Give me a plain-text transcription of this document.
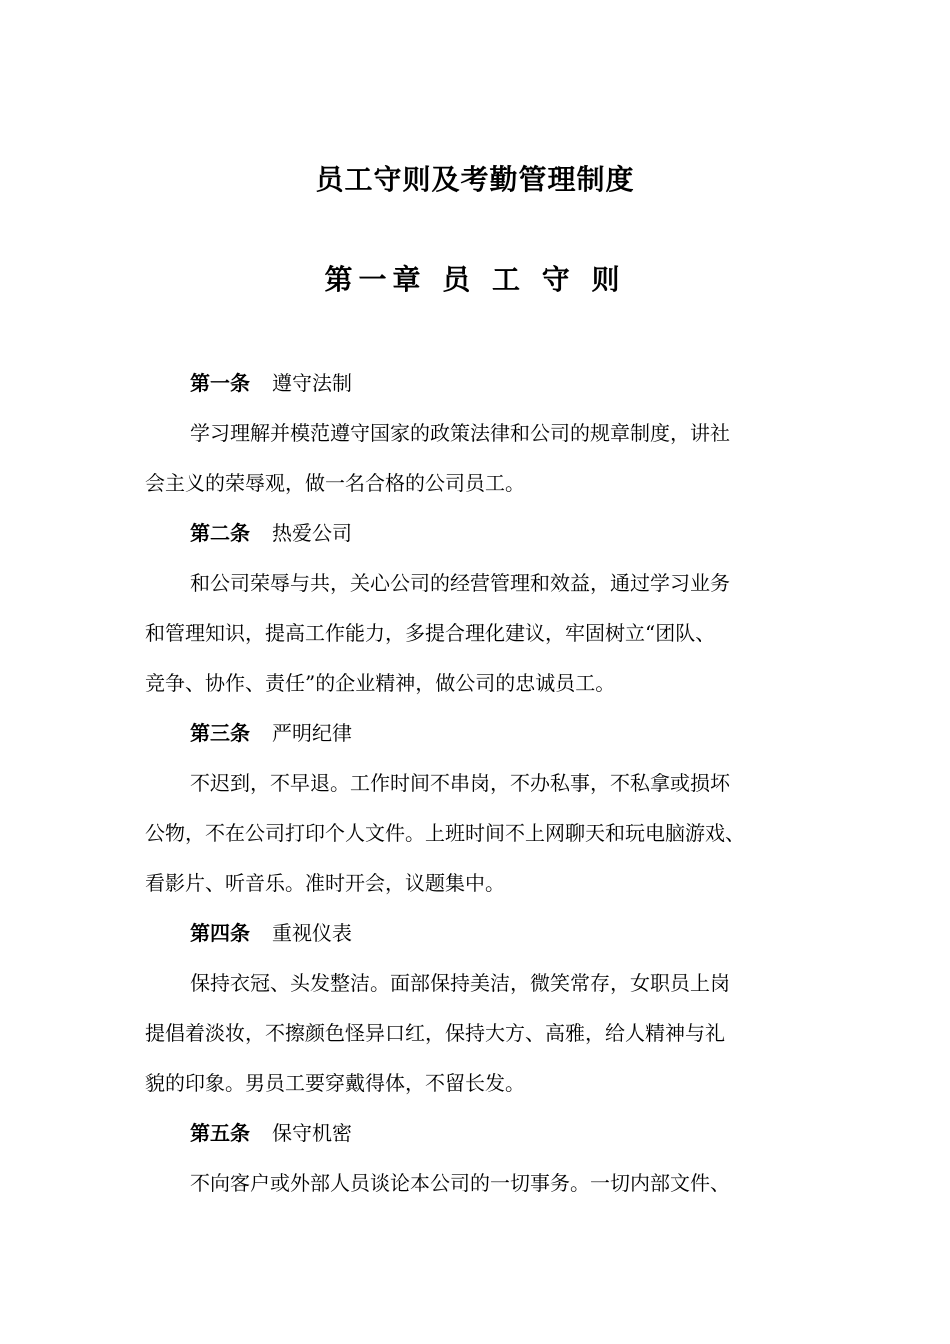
员工守则及考勤管理制度
第一章 员 工 守 则

第一条 遵守法制

学习理解并模范遵守国家的政策法律和公司的规章制度，讲社
会主义的荣辱观，做一名合格的公司员工。

第二条 热爱公司

和公司荣辱与共，关心公司的经营管理和效益，通过学习业务
和管理知识，提高工作能力，多提合理化建议，牢固树立“团队、
竞争、协作、责任”的企业精神，做公司的忠诚员工。

第三条 严明纪律

不迟到，不早退。工作时间不串岗，不办私事，不私拿或损坏
公物，不在公司打印个人文件。上班时间不上网聊天和玩电脑游戏、
看影片、听音乐。准时开会，议题集中。

第四条 重视仪表

保持衣冠、头发整洁。面部保持美洁，微笑常存，女职员上岗
提倡着淡妆，不擦颜色怪异口红，保持大方、高雅，给人精神与礼
貌的印象。男员工要穿戴得体，不留长发。

第五条 保守机密

不向客户或外部人员谈论本公司的一切事务。一切内部文件、
